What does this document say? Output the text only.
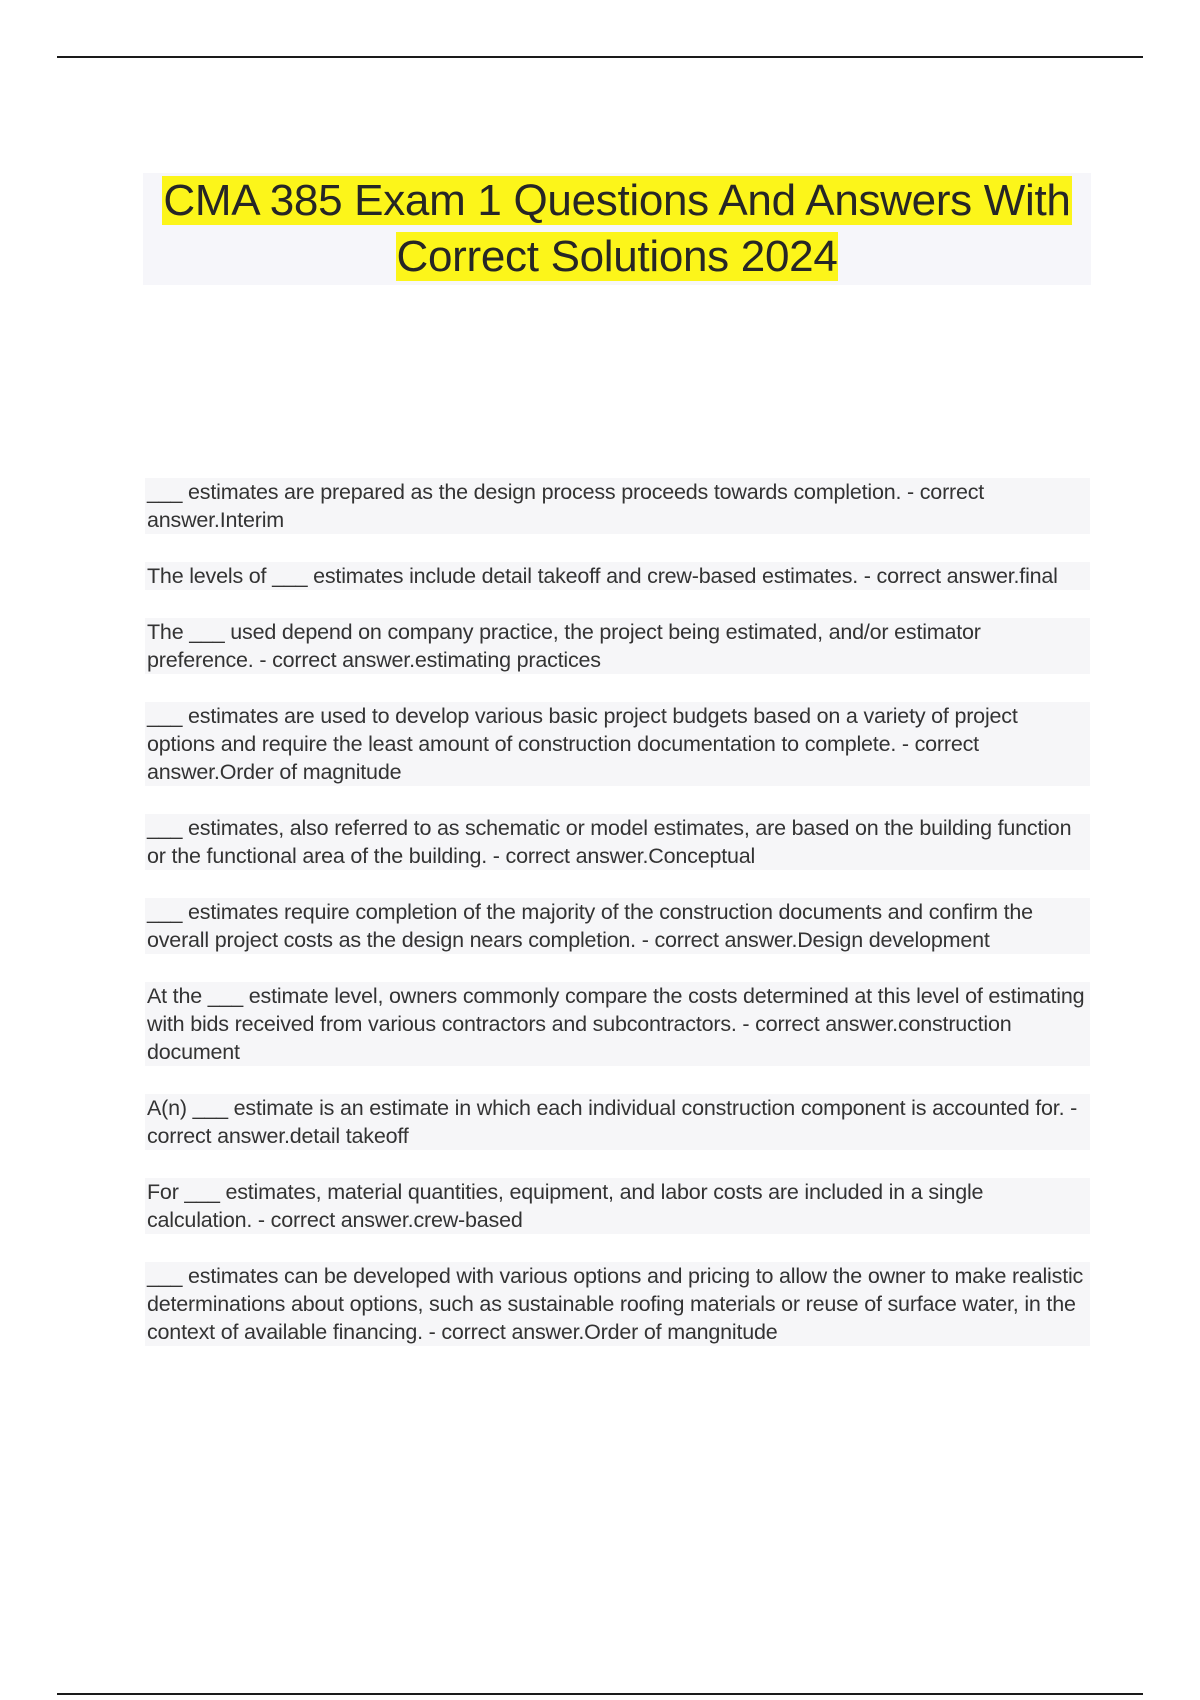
CMA 385 Exam 1 Questions And Answers With Correct Solutions 2024
___ estimates are prepared as the design process proceeds towards completion. - correct answer.Interim
The levels of ___ estimates include detail takeoff and crew-based estimates. - correct answer.final
The ___ used depend on company practice, the project being estimated, and/or estimator preference. - correct answer.estimating practices
___ estimates are used to develop various basic project budgets based on a variety of project options and require the least amount of construction documentation to complete. - correct answer.Order of magnitude
___ estimates, also referred to as schematic or model estimates, are based on the building function or the functional area of the building. - correct answer.Conceptual
___ estimates require completion of the majority of the construction documents and confirm the overall project costs as the design nears completion. - correct answer.Design development
At the ___ estimate level, owners commonly compare the costs determined at this level of estimating with bids received from various contractors and subcontractors. - correct answer.construction document
A(n) ___ estimate is an estimate in which each individual construction component is accounted for. - correct answer.detail takeoff
For ___ estimates, material quantities, equipment, and labor costs are included in a single calculation. - correct answer.crew-based
___ estimates can be developed with various options and pricing to allow the owner to make realistic determinations about options, such as sustainable roofing materials or reuse of surface water, in the context of available financing. - correct answer.Order of mangnitude
